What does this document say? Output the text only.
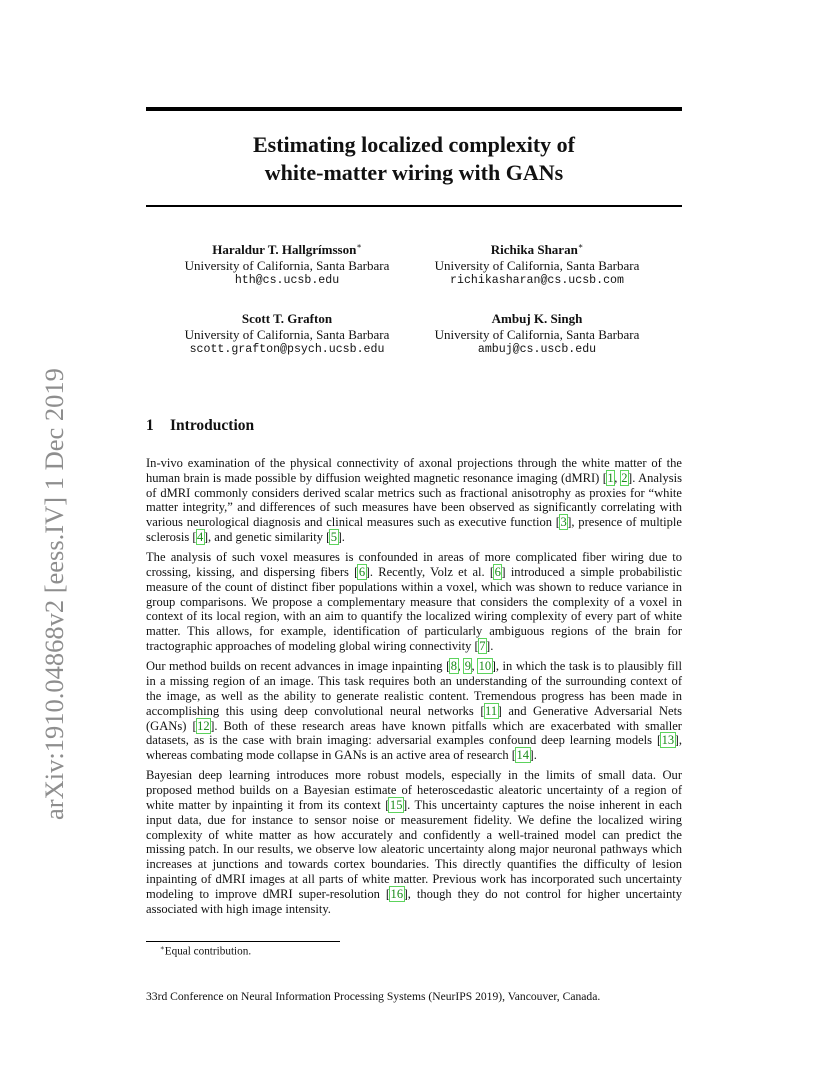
arXiv:1910.04868v2 [eess.IV] 1 Dec 2019
Estimating localized complexity of
white-matter wiring with GANs
Haraldur T. Hallgrímsson∗
University of California, Santa Barbara
hth@cs.ucsb.edu
Richika Sharan∗
University of California, Santa Barbara
richikasharan@cs.ucsb.com
Scott T. Grafton
University of California, Santa Barbara
scott.grafton@psych.ucsb.edu
Ambuj K. Singh
University of California, Santa Barbara
ambuj@cs.uscb.edu
1 Introduction

In-vivo examination of the physical connectivity of axonal projections through the white matter of the human brain is made possible by diffusion weighted magnetic resonance imaging (dMRI) [1, 2]. Analysis of dMRI commonly considers derived scalar metrics such as fractional anisotrophy as proxies for “white matter integrity,” and differences of such measures have been observed as significantly correlating with various neurological diagnosis and clinical measures such as executive function [3], presence of multiple sclerosis [4], and genetic similarity [5].

The analysis of such voxel measures is confounded in areas of more complicated fiber wiring due to crossing, kissing, and dispersing fibers [6]. Recently, Volz et al. [6] introduced a simple probabilistic measure of the count of distinct fiber populations within a voxel, which was shown to reduce variance in group comparisons. We propose a complementary measure that considers the complexity of a voxel in context of its local region, with an aim to quantify the localized wiring complexity of every part of white matter. This allows, for example, identification of particularly ambiguous regions of the brain for tractographic approaches of modeling global wiring connectivity [7].

Our method builds on recent advances in image inpainting [8, 9, 10], in which the task is to plausibly fill in a missing region of an image. This task requires both an understanding of the surrounding context of the image, as well as the ability to generate realistic content. Tremendous progress has been made in accomplishing this using deep convolutional neural networks [11] and Generative Adversarial Nets (GANs) [12]. Both of these research areas have known pitfalls which are exacerbated with smaller datasets, as is the case with brain imaging: adversarial examples confound deep learning models [13], whereas combating mode collapse in GANs is an active area of research [14].

Bayesian deep learning introduces more robust models, especially in the limits of small data. Our proposed method builds on a Bayesian estimate of heteroscedastic aleatoric uncertainty of a region of white matter by inpainting it from its context [15]. This uncertainty captures the noise inherent in each input data, due for instance to sensor noise or measurement fidelity. We define the localized wiring complexity of white matter as how accurately and confidently a well-trained model can predict the missing patch. In our results, we observe low aleatoric uncertainty along major neuronal pathways which increases at junctions and towards cortex boundaries. This directly quantifies the difficulty of lesion inpainting of dMRI images at all parts of white matter. Previous work has incorporated such uncertainty modeling to improve dMRI super-resolution [16], though they do not control for higher uncertainty associated with high image intensity.

∗Equal contribution.
33rd Conference on Neural Information Processing Systems (NeurIPS 2019), Vancouver, Canada.
